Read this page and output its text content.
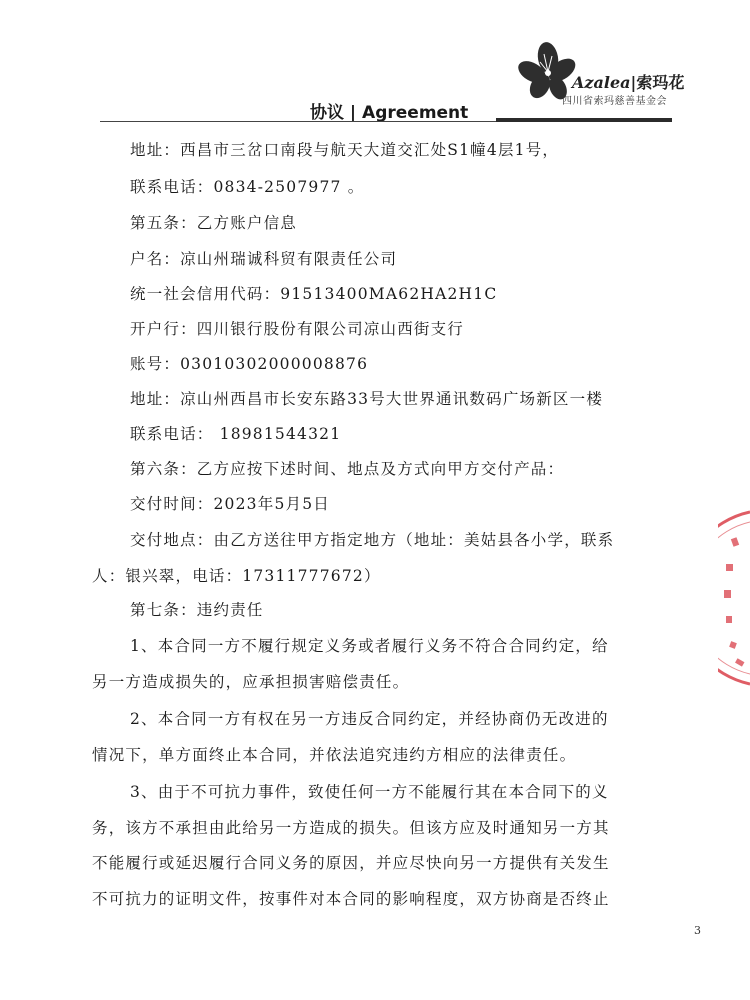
Azalea|索玛花
四川省索玛慈善基金会
协议 | Agreement
地址：西昌市三岔口南段与航天大道交汇处S1幢4层1号，
联系电话：0834-2507977 。
第五条：乙方账户信息
户名：凉山州瑞诚科贸有限责任公司
统一社会信用代码：91513400MA62HA2H1C
开户行：四川银行股份有限公司凉山西街支行
账号：03010302000008876
地址：凉山州西昌市长安东路33号大世界通讯数码广场新区一楼
联系电话： 18981544321
第六条：乙方应按下述时间、地点及方式向甲方交付产品：
交付时间：2023年5月5日
交付地点：由乙方送往甲方指定地方（地址：美姑县各小学，联系
人：银兴翠，电话：17311777672）
第七条：违约责任
1、本合同一方不履行规定义务或者履行义务不符合合同约定，给
另一方造成损失的，应承担损害赔偿责任。
2、本合同一方有权在另一方违反合同约定，并经协商仍无改进的
情况下，单方面终止本合同，并依法追究违约方相应的法律责任。
3、由于不可抗力事件，致使任何一方不能履行其在本合同下的义
务，该方不承担由此给另一方造成的损失。但该方应及时通知另一方其
不能履行或延迟履行合同义务的原因，并应尽快向另一方提供有关发生
不可抗力的证明文件，按事件对本合同的影响程度，双方协商是否终止
3
